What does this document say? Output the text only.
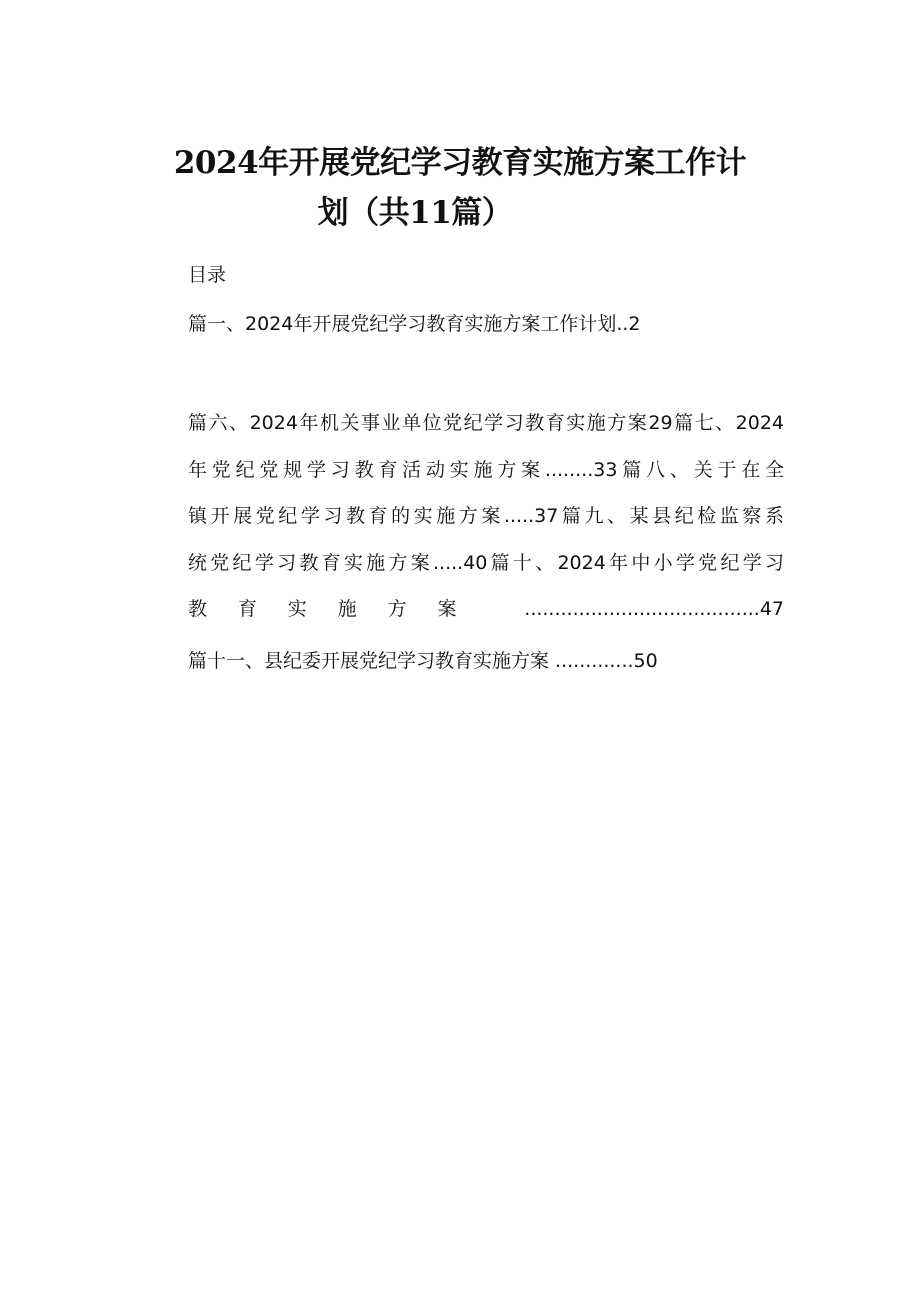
2024年开展党纪学习教育实施方案工作计
划（共11篇）
目录
篇一、2024年开展党纪学习教育实施方案工作计划..2
篇六、2024年机关事业单位党纪学习教育实施方案29篇七、2024
年党纪党规学习教育活动实施方案........33篇八、关于在全
镇开展党纪学习教育的实施方案.....37篇九、某县纪检监察系
统党纪学习教育实施方案.....40篇十、2024年中小学党纪学习
教育实施方案 .......................................47
篇十一、县纪委开展党纪学习教育实施方案 .............50
